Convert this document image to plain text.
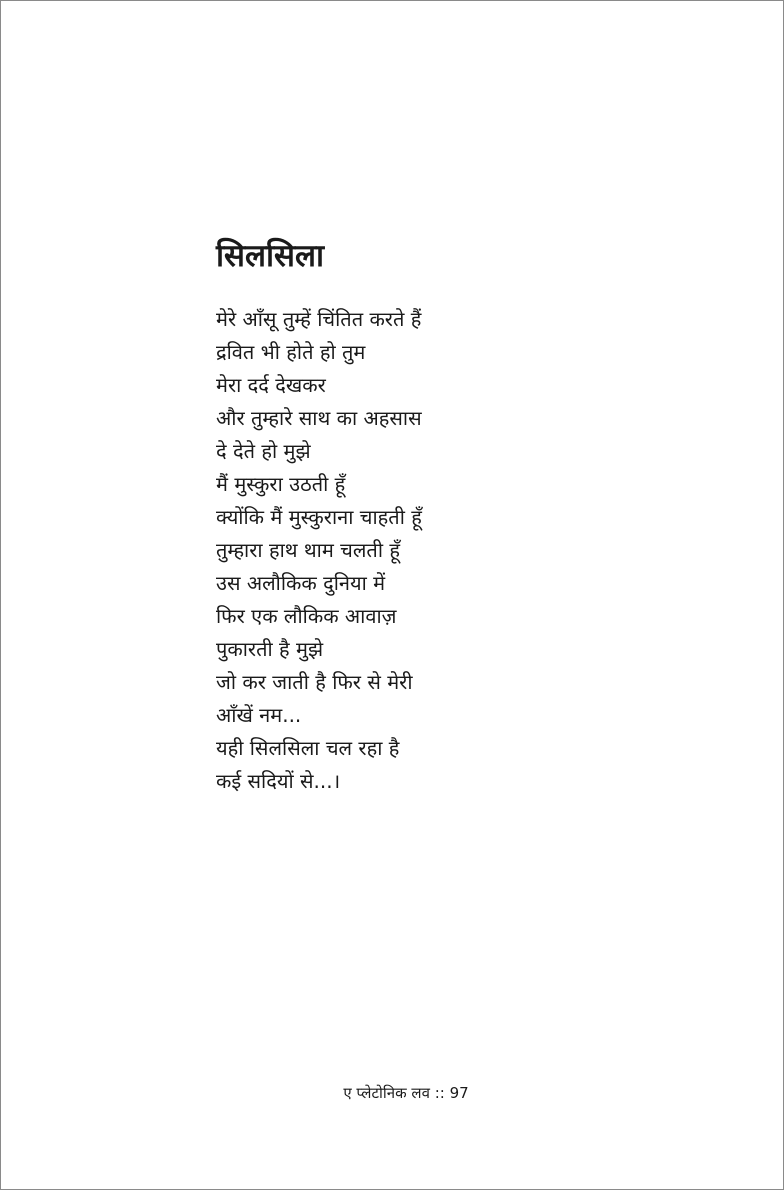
सिलसिला
मेरे आँसू तुम्हें चिंतित करते हैं
द्रवित भी होते हो तुम
मेरा दर्द देखकर
और तुम्हारे साथ का अहसास
दे देते हो मुझे
मैं मुस्कुरा उठती हूँ
क्योंकि मैं मुस्कुराना चाहती हूँ
तुम्हारा हाथ थाम चलती हूँ
उस अलौकिक दुनिया में
फिर एक लौकिक आवाज़
पुकारती है मुझे
जो कर जाती है फिर से मेरी
आँखें नम...
यही सिलसिला चल रहा है
कई सदियों से...।
ए प्लेटोनिक लव :: 97
